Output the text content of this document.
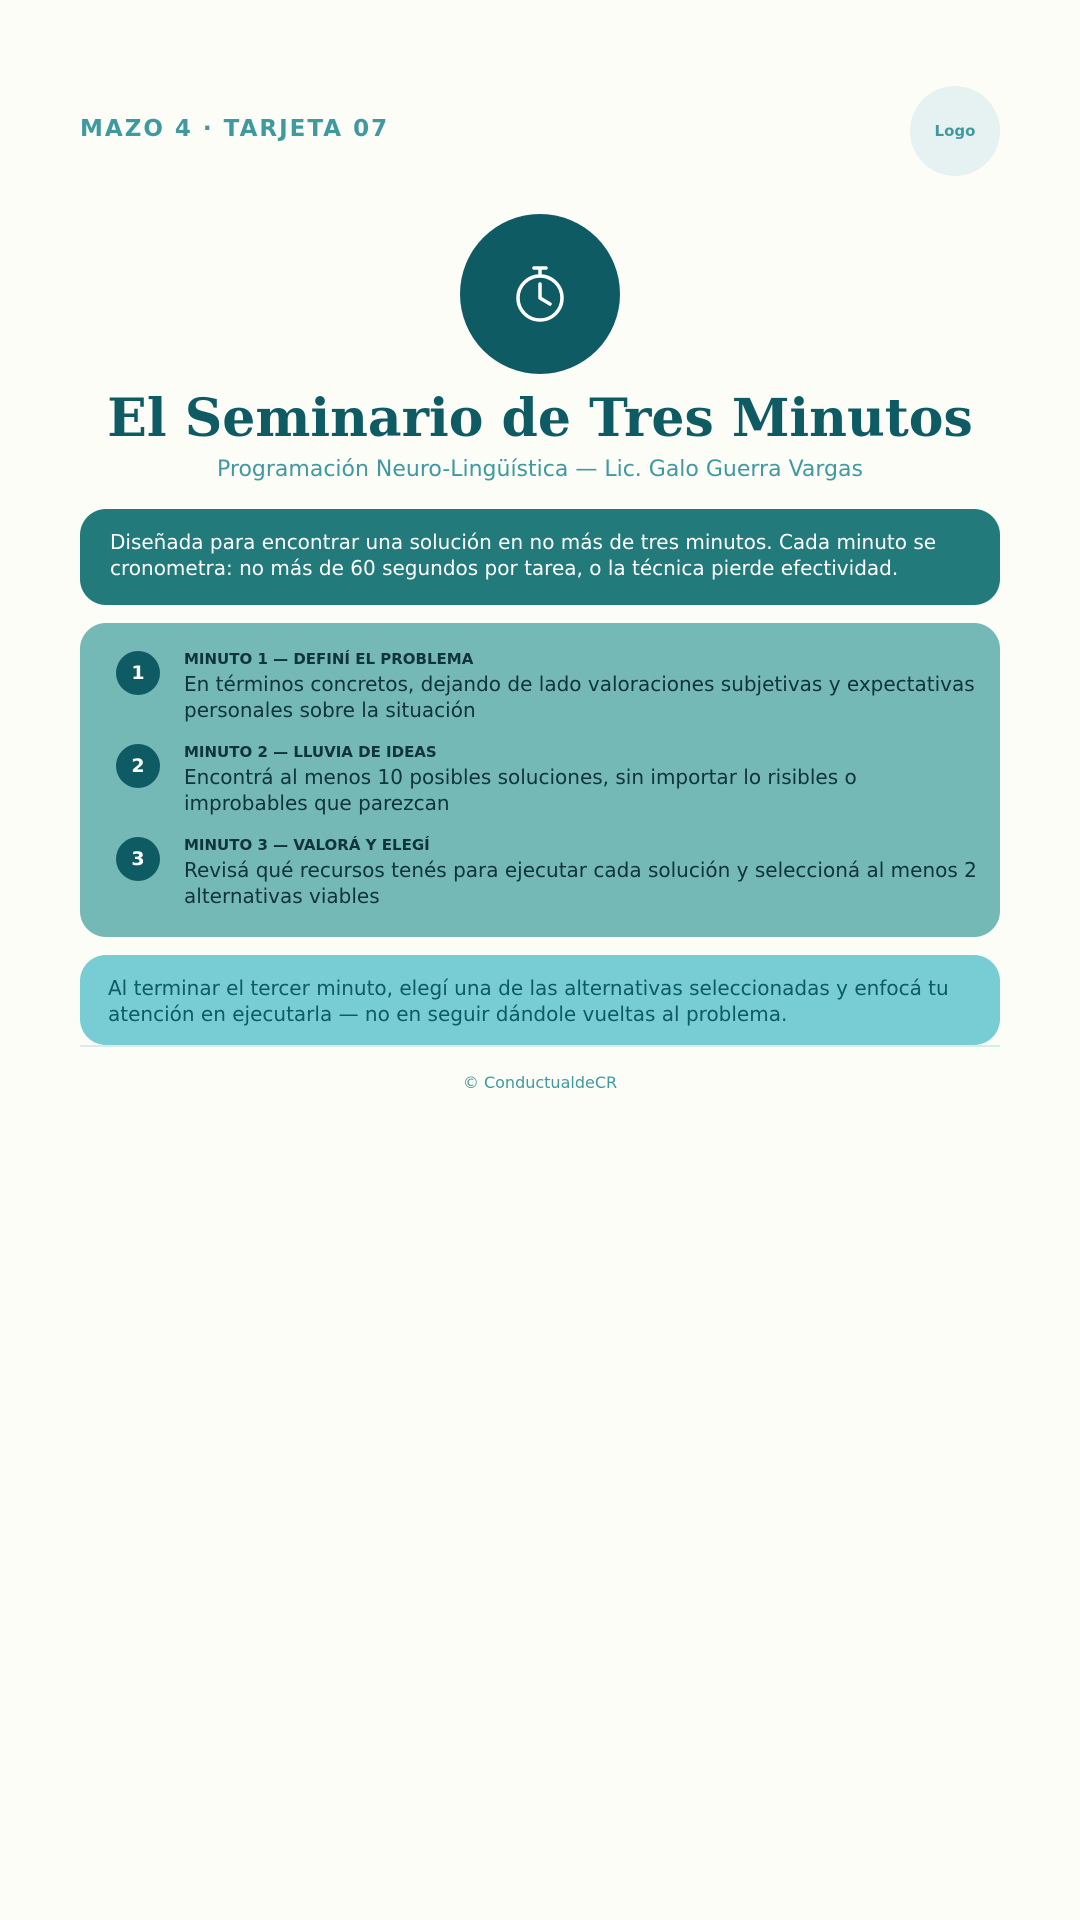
MAZO 4 · TARJETA 07	Logo
El Seminario de Tres Minutos
Programación Neuro-Lingüística — Lic. Galo Guerra Vargas
Diseñada para encontrar una solución en no más de tres minutos. Cada minuto se cronometra: no más de 60 segundos por tarea, o la técnica pierde efectividad.
1
MINUTO 1 — DEFINÍ EL PROBLEMA
En términos concretos, dejando de lado valoraciones subjetivas y expectativas personales sobre la situación
2
MINUTO 2 — LLUVIA DE IDEAS
Encontrá al menos 10 posibles soluciones, sin importar lo risibles o improbables que parezcan
3
MINUTO 3 — VALORÁ Y ELEGÍ
Revisá qué recursos tenés para ejecutar cada solución y seleccioná al menos 2 alternativas viables
Al terminar el tercer minuto, elegí una de las alternativas seleccionadas y enfocá tu atención en ejecutarla — no en seguir dándole vueltas al problema.
© ConductualdeCR
